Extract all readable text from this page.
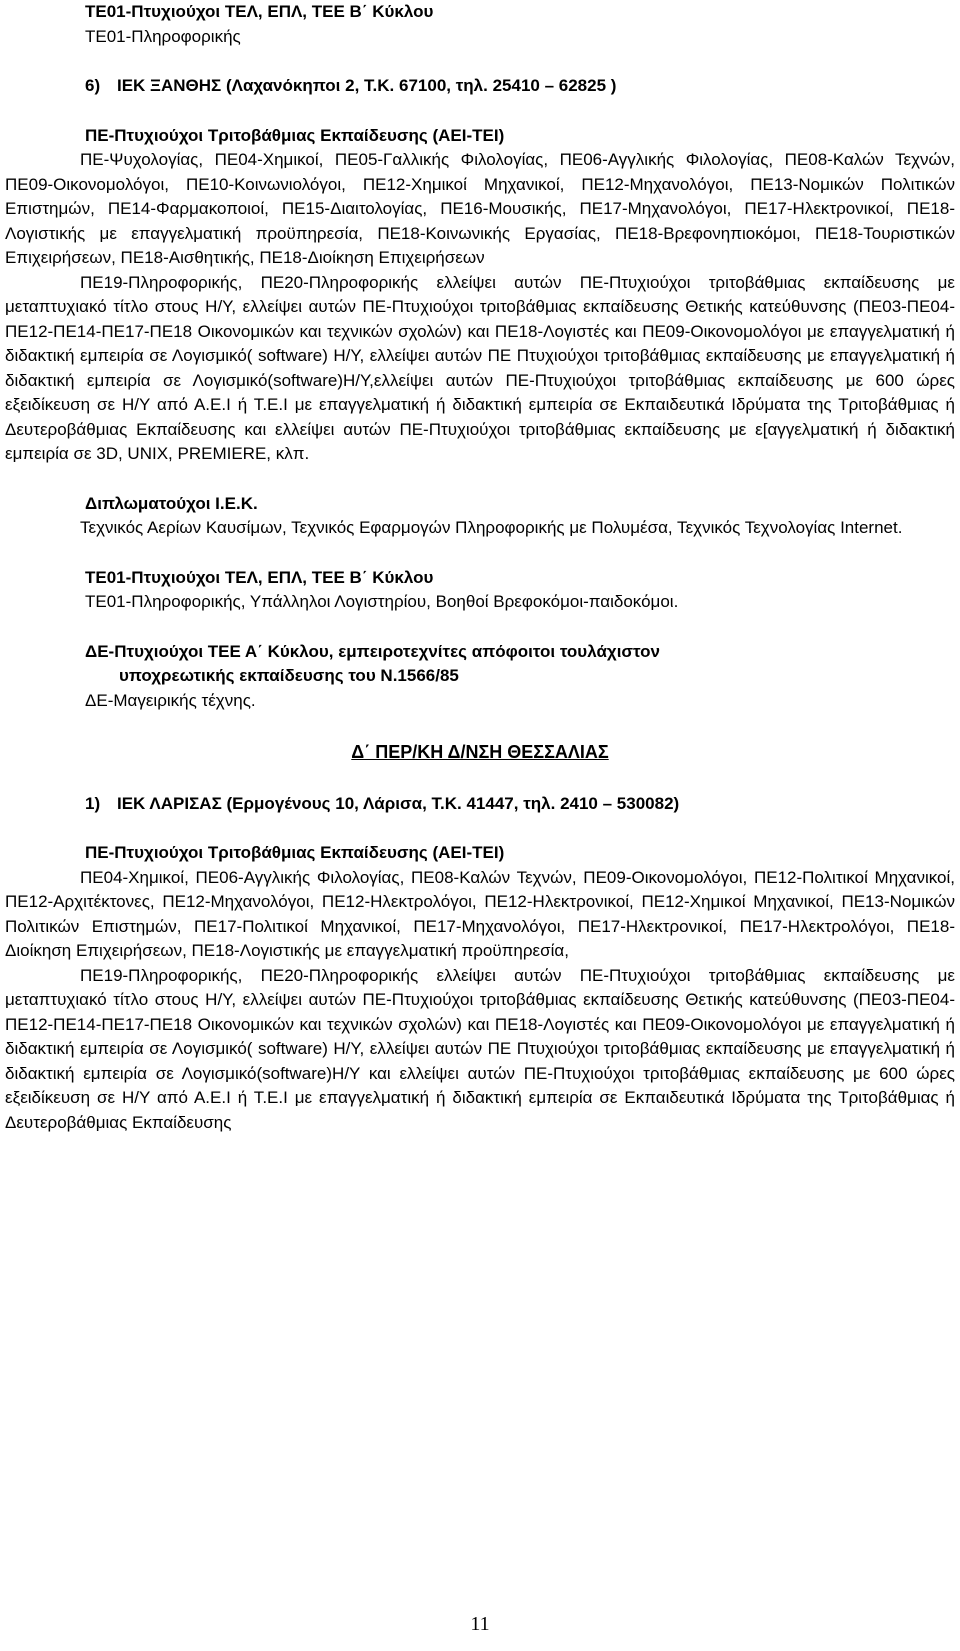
ΤΕ01-Πτυχιούχοι ΤΕΛ, ΕΠΛ, ΤΕΕ Β΄ Κύκλου

ΤΕ01-Πληροφορικής

6) ΙΕΚ ΞΑΝΘΗΣ (Λαχανόκηποι 2, Τ.Κ. 67100, τηλ. 25410 – 62825 )

ΠΕ-Πτυχιούχοι Τριτοβάθμιας Εκπαίδευσης (ΑΕΙ-ΤΕΙ)

ΠΕ-Ψυχολογίας, ΠΕ04-Χημικοί, ΠΕ05-Γαλλικής Φιλολογίας, ΠΕ06-Αγγλικής Φιλολογίας, ΠΕ08-Καλών Τεχνών, ΠΕ09-Οικονομολόγοι, ΠΕ10-Κοινωνιολόγοι, ΠΕ12-Χημικοί Μηχανικοί, ΠΕ12-Μηχανολόγοι, ΠΕ13-Νομικών Πολιτικών Επιστημών, ΠΕ14-Φαρμακοποιοί, ΠΕ15-Διαιτολογίας, ΠΕ16-Μουσικής, ΠΕ17-Μηχανολόγοι, ΠΕ17-Ηλεκτρονικοί, ΠΕ18-Λογιστικής με επαγγελματική προϋπηρεσία, ΠΕ18-Κοινωνικής Εργασίας, ΠΕ18-Βρεφονηπιοκόμοι, ΠΕ18-Τουριστικών Επιχειρήσεων, ΠΕ18-Αισθητικής, ΠΕ18-Διοίκηση Επιχειρήσεων

ΠΕ19-Πληροφορικής, ΠΕ20-Πληροφορικής ελλείψει αυτών ΠΕ-Πτυχιούχοι τριτοβάθμιας εκπαίδευσης με μεταπτυχιακό τίτλο στους Η/Υ, ελλείψει αυτών ΠΕ-Πτυχιούχοι τριτοβάθμιας εκπαίδευσης Θετικής κατεύθυνσης (ΠΕ03-ΠΕ04-ΠΕ12-ΠΕ14-ΠΕ17-ΠΕ18 Οικονομικών και τεχνικών σχολών) και ΠΕ18-Λογιστές και ΠΕ09-Οικονομολόγοι με επαγγελματική ή διδακτική εμπειρία σε Λογισμικό( software) Η/Υ, ελλείψει αυτών ΠΕ Πτυχιούχοι τριτοβάθμιας εκπαίδευσης με επαγγελματική ή διδακτική εμπειρία σε Λογισμικό(software)Η/Υ,ελλείψει αυτών ΠΕ-Πτυχιούχοι τριτοβάθμιας εκπαίδευσης με 600 ώρες εξειδίκευση σε Η/Υ από Α.Ε.Ι ή Τ.Ε.Ι με επαγγελματική ή διδακτική εμπειρία σε Εκπαιδευτικά Ιδρύματα της Τριτοβάθμιας ή Δευτεροβάθμιας Εκπαίδευσης και ελλείψει αυτών ΠΕ-Πτυχιούχοι τριτοβάθμιας εκπαίδευσης με ε[αγγελματική ή διδακτική εμπειρία σε 3D, UNIX, PREMIERE, κλπ.

Διπλωματούχοι Ι.Ε.Κ.

Τεχνικός Αερίων Καυσίμων, Τεχνικός Εφαρμογών Πληροφορικής με Πολυμέσα, Τεχνικός Τεχνολογίας Internet.

ΤΕ01-Πτυχιούχοι ΤΕΛ, ΕΠΛ, ΤΕΕ Β΄ Κύκλου

ΤΕ01-Πληροφορικής, Υπάλληλοι Λογιστηρίου, Βοηθοί Βρεφοκόμοι-παιδοκόμοι.

ΔΕ-Πτυχιούχοι ΤΕΕ Α΄ Κύκλου, εμπειροτεχνίτες απόφοιτοι τουλάχιστον

υποχρεωτικής εκπαίδευσης του Ν.1566/85

ΔΕ-Μαγειρικής τέχνης.

Δ΄ ΠΕΡ/ΚΗ Δ/ΝΣΗ ΘΕΣΣΑΛΙΑΣ

1) ΙΕΚ ΛΑΡΙΣΑΣ (Ερμογένους 10, Λάρισα, Τ.Κ. 41447, τηλ. 2410 – 530082)

ΠΕ-Πτυχιούχοι Τριτοβάθμιας Εκπαίδευσης (ΑΕΙ-ΤΕΙ)

ΠΕ04-Χημικοί, ΠΕ06-Αγγλικής Φιλολογίας, ΠΕ08-Καλών Τεχνών, ΠΕ09-Οικονομολόγοι, ΠΕ12-Πολιτικοί Μηχανικοί, ΠΕ12-Αρχιτέκτονες, ΠΕ12-Μηχανολόγοι, ΠΕ12-Ηλεκτρολόγοι, ΠΕ12-Ηλεκτρονικοί, ΠΕ12-Χημικοί Μηχανικοί, ΠΕ13-Νομικών Πολιτικών Επιστημών, ΠΕ17-Πολιτικοί Μηχανικοί, ΠΕ17-Μηχανολόγοι, ΠΕ17-Ηλεκτρονικοί, ΠΕ17-Ηλεκτρολόγοι, ΠΕ18-Διοίκηση Επιχειρήσεων, ΠΕ18-Λογιστικής με επαγγελματική προϋπηρεσία,

ΠΕ19-Πληροφορικής, ΠΕ20-Πληροφορικής ελλείψει αυτών ΠΕ-Πτυχιούχοι τριτοβάθμιας εκπαίδευσης με μεταπτυχιακό τίτλο στους Η/Υ, ελλείψει αυτών ΠΕ-Πτυχιούχοι τριτοβάθμιας εκπαίδευσης Θετικής κατεύθυνσης (ΠΕ03-ΠΕ04-ΠΕ12-ΠΕ14-ΠΕ17-ΠΕ18 Οικονομικών και τεχνικών σχολών) και ΠΕ18-Λογιστές και ΠΕ09-Οικονομολόγοι με επαγγελματική ή διδακτική εμπειρία σε Λογισμικό( software) Η/Υ, ελλείψει αυτών ΠΕ Πτυχιούχοι τριτοβάθμιας εκπαίδευσης με επαγγελματική ή διδακτική εμπειρία σε Λογισμικό(software)Η/Υ και ελλείψει αυτών ΠΕ-Πτυχιούχοι τριτοβάθμιας εκπαίδευσης με 600 ώρες εξειδίκευση σε Η/Υ από Α.Ε.Ι ή Τ.Ε.Ι με επαγγελματική ή διδακτική εμπειρία σε Εκπαιδευτικά Ιδρύματα της Τριτοβάθμιας ή Δευτεροβάθμιας Εκπαίδευσης

11
